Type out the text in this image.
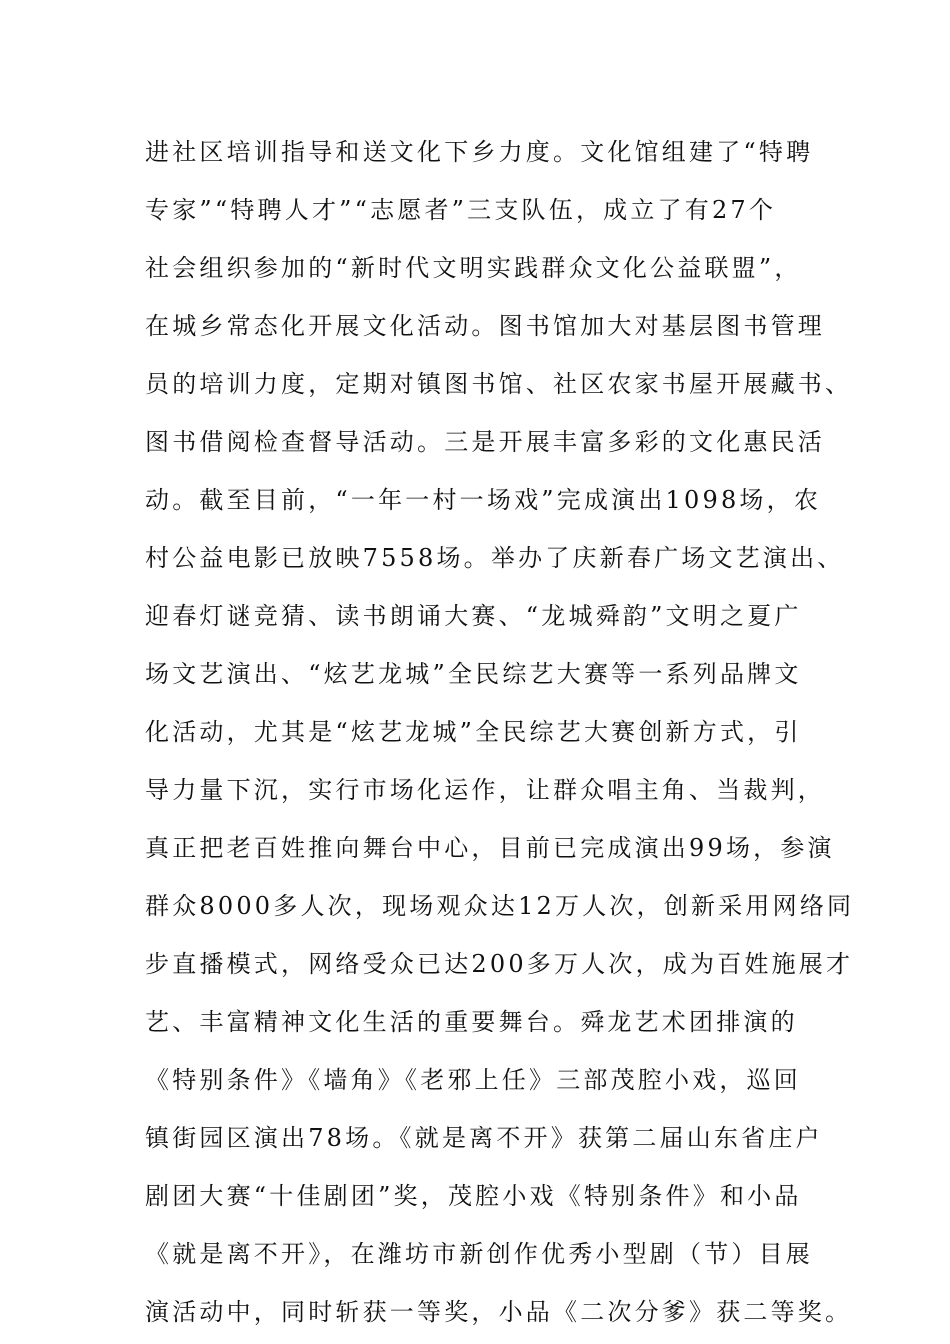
进社区培训指导和送文化下乡力度。文化馆组建了“特聘
专家”“特聘人才”“志愿者”三支队伍，成立了有27个
社会组织参加的“新时代文明实践群众文化公益联盟”，
在城乡常态化开展文化活动。图书馆加大对基层图书管理
员的培训力度，定期对镇图书馆、社区农家书屋开展藏书、
图书借阅检查督导活动。三是开展丰富多彩的文化惠民活
动。截至目前，“一年一村一场戏”完成演出1098场，农
村公益电影已放映7558场。举办了庆新春广场文艺演出、
迎春灯谜竞猜、读书朗诵大赛、“龙城舜韵”文明之夏广
场文艺演出、“炫艺龙城”全民综艺大赛等一系列品牌文
化活动，尤其是“炫艺龙城”全民综艺大赛创新方式，引
导力量下沉，实行市场化运作，让群众唱主角、当裁判，
真正把老百姓推向舞台中心，目前已完成演出99场，参演
群众8000多人次，现场观众达12万人次，创新采用网络同
步直播模式，网络受众已达200多万人次，成为百姓施展才
艺、丰富精神文化生活的重要舞台。舜龙艺术团排演的
《特别条件》《墙角》《老邪上任》三部茂腔小戏，巡回
镇街园区演出78场。《就是离不开》获第二届山东省庄户
剧团大赛“十佳剧团”奖，茂腔小戏《特别条件》和小品
《就是离不开》，在潍坊市新创作优秀小型剧（节）目展
演活动中，同时斩获一等奖，小品《二次分爹》获二等奖。
